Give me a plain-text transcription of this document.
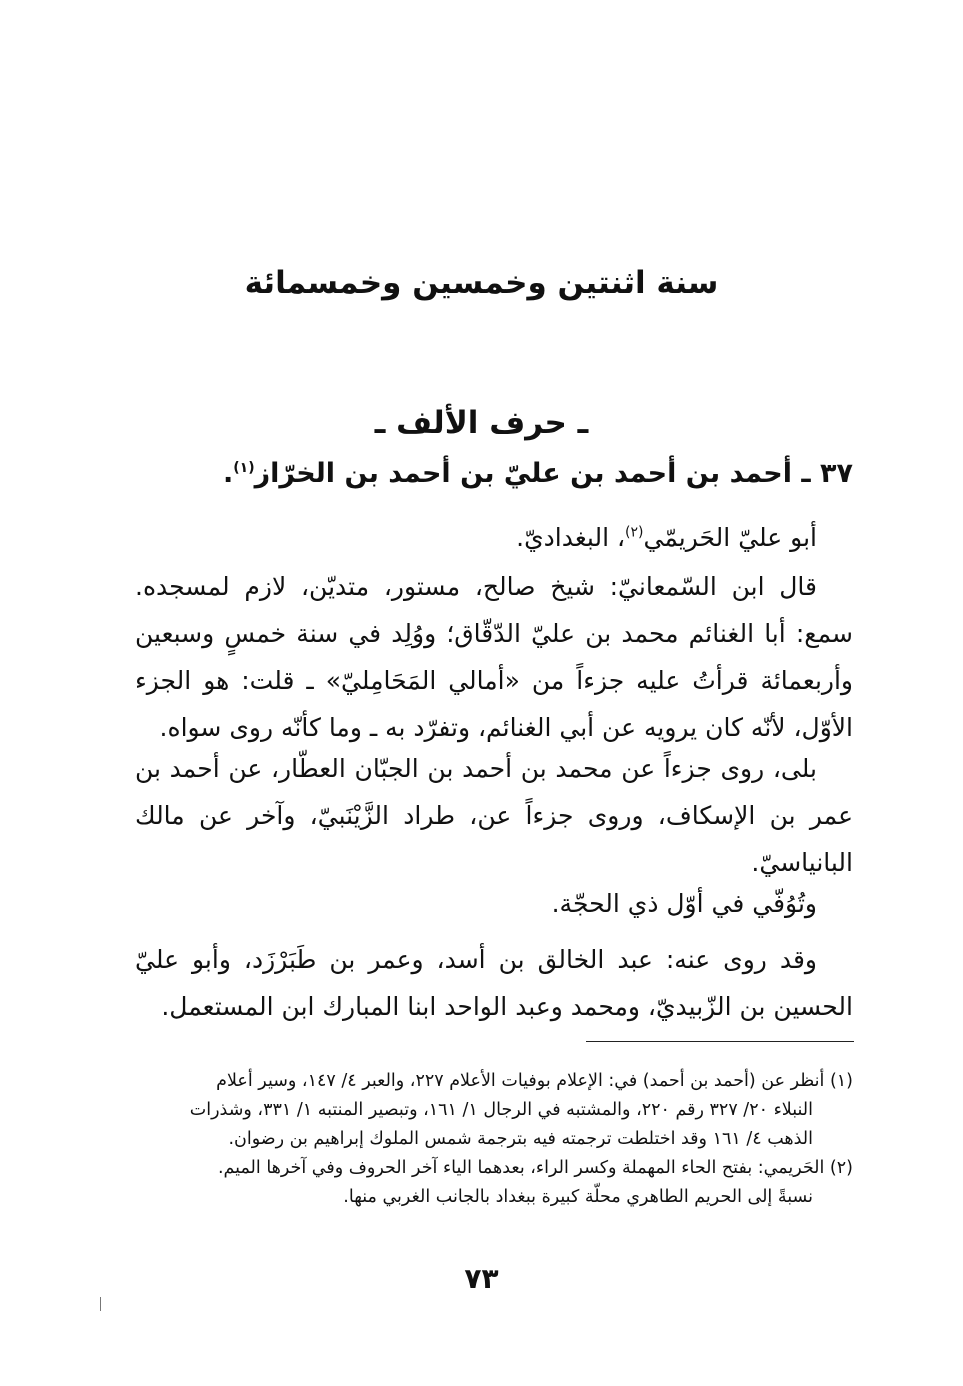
سنة اثنتين وخمسين وخمسمائة
ـ حرف الألف ـ
٣٧ ـ أحمد بن أحمد بن عليّ بن أحمد بن الخرّاز$^{(١)}$.
أبو عليّ الحَريمّي$^{(٢)}$، البغداديّ.
قال ابن السّمعانيّ: شيخ صالح، مستور، متديّن، لازم لمسجده. سمع: أبا الغنائم محمد بن عليّ الدّقّاق؛ ووُلِد في سنة خمسٍ وسبعين وأربعمائة قرأتُ عليه جزءاً من «أمالي المَحَامِليّ» ـ قلت: هو الجزء الأوّل، لأنّه كان يرويه عن أبي الغنائم، وتفرّد به ـ وما كأنّه روى سواه.
بلى، روى جزءاً عن محمد بن أحمد بن الجبّان العطّار، عن أحمد بن عمر بن الإسكاف، وروى جزءاً عن، طراد الزَّيْنَبيّ، وآخر عن مالك البانياسيّ.
وتُوُفّي في أوّل ذي الحجّة.
وقد روى عنه: عبد الخالق بن أسد، وعمر بن طَبَرْزَد، وأبو عليّ الحسين بن الزّبيديّ، ومحمد وعبد الواحد ابنا المبارك ابن المستعمل.

(١) أنظر عن (أحمد بن أحمد) في: الإعلام بوفيات الأعلام ٢٢٧، والعبر ٤/ ١٤٧، وسير أعلام

النبلاء ٢٠/ ٣٢٧ رقم ٢٢٠، والمشتبه في الرجال ١/ ١٦١، وتبصير المنتبه ١/ ٣٣١، وشذرات

الذهب ٤/ ١٦١ وقد اختلطت ترجمته فيه بترجمة شمس الملوك إبراهيم بن رضوان.

(٢) الحَريمي: بفتح الحاء المهملة وكسر الراء، بعدهما الياء آخر الحروف وفي آخرها الميم.

نسبةً إلى الحريم الطاهري محلّة كبيرة ببغداد بالجانب الغربي منها.

٧٣
